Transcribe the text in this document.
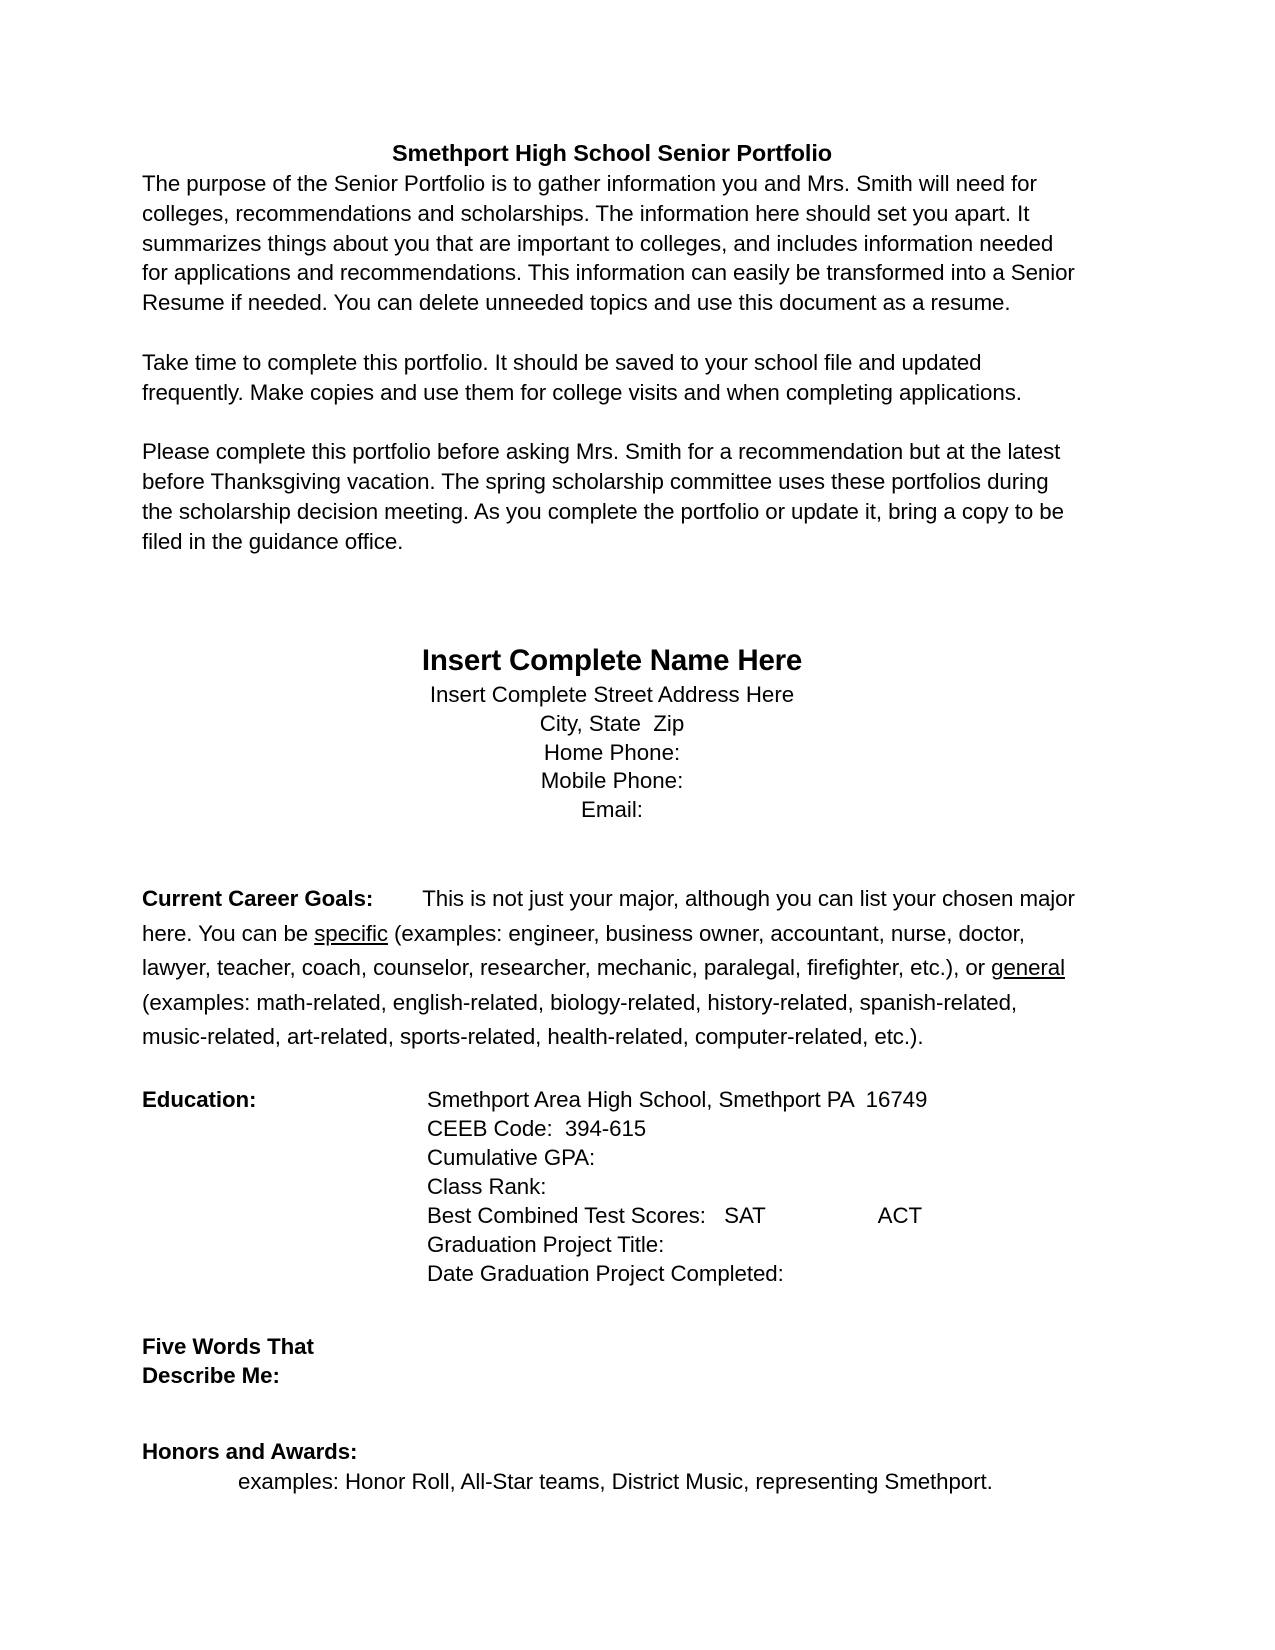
Smethport High School Senior Portfolio

The purpose of the Senior Portfolio is to gather information you and Mrs. Smith will need for colleges, recommendations and scholarships. The information here should set you apart. It summarizes things about you that are important to colleges, and includes information needed for applications and recommendations. This information can easily be transformed into a Senior Resume if needed. You can delete unneeded topics and use this document as a resume.

Take time to complete this portfolio. It should be saved to your school file and updated frequently. Make copies and use them for college visits and when completing applications.

Please complete this portfolio before asking Mrs. Smith for a recommendation but at the latest before Thanksgiving vacation. The spring scholarship committee uses these portfolios during the scholarship decision meeting. As you complete the portfolio or update it, bring a copy to be filed in the guidance office.

Insert Complete Name Here
Insert Complete Street Address Here
City, State  Zip
Home Phone:
Mobile Phone:
Email:
Current Career Goals: This is not just your major, although you can list your chosen major here. You can be specific (examples: engineer, business owner, accountant, nurse, doctor, lawyer, teacher, coach, counselor, researcher, mechanic, paralegal, firefighter, etc.), or general (examples: math-related, english-related, biology-related, history-related, spanish-related, music-related, art-related, sports-related, health-related, computer-related, etc.).
Education:	Smethport Area High School, Smethport PA  16749
CEEB Code:  394-615
Cumulative GPA:
Class Rank:
Best Combined Test Scores:   SAT	ACT
Graduation Project Title:
Date Graduation Project Completed:
Five Words That
Describe Me:
Honors and Awards:
examples: Honor Roll, All-Star teams, District Music, representing Smethport.
